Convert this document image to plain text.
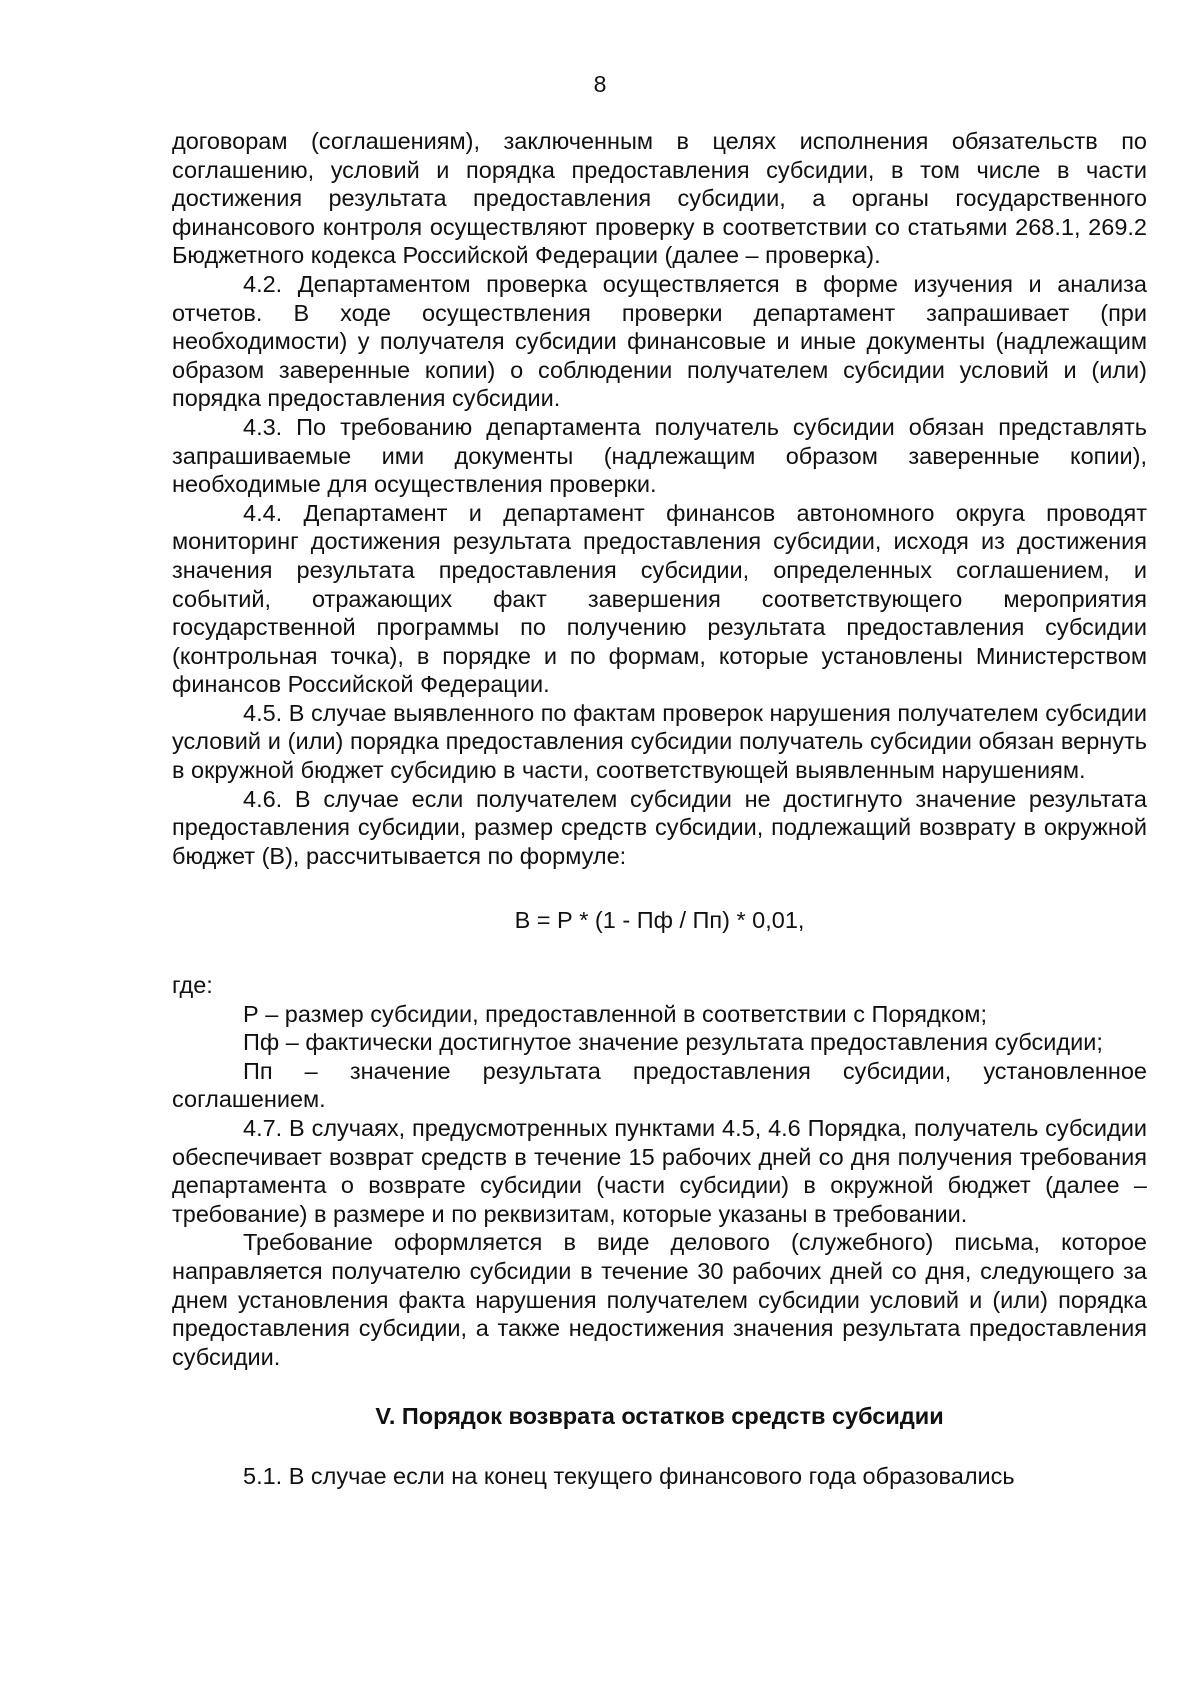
8

договорам (соглашениям), заключенным в целях исполнения обязательств по соглашению, условий и порядка предоставления субсидии, в том числе в части достижения результата предоставления субсидии, а органы государственного финансового контроля осуществляют проверку в соответствии со статьями 268.1, 269.2 Бюджетного кодекса Российской Федерации (далее – проверка).

4.2. Департаментом проверка осуществляется в форме изучения и анализа отчетов. В ходе осуществления проверки департамент запрашивает (при необходимости) у получателя субсидии финансовые и иные документы (надлежащим образом заверенные копии) о соблюдении получателем субсидии условий и (или) порядка предоставления субсидии.

4.3. По требованию департамента получатель субсидии обязан представлять запрашиваемые ими документы (надлежащим образом заверенные копии), необходимые для осуществления проверки.

4.4. Департамент и департамент финансов автономного округа проводят мониторинг достижения результата предоставления субсидии, исходя из достижения значения результата предоставления субсидии, определенных соглашением, и событий, отражающих факт завершения соответствующего мероприятия государственной программы по получению результата предоставления субсидии (контрольная точка), в порядке и по формам, которые установлены Министерством финансов Российской Федерации.

4.5. В случае выявленного по фактам проверок нарушения получателем субсидии условий и (или) порядка предоставления субсидии получатель субсидии обязан вернуть в окружной бюджет субсидию в части, соответствующей выявленным нарушениям.

4.6. В случае если получателем субсидии не достигнуто значение результата предоставления субсидии, размер средств субсидии, подлежащий возврату в окружной бюджет (В), рассчитывается по формуле:

В = Р * (1 - Пф / Пп) * 0,01,

где:

Р – размер субсидии, предоставленной в соответствии с Порядком;

Пф – фактически достигнутое значение результата предоставления субсидии;

Пп – значение результата предоставления субсидии, установленное соглашением.

4.7. В случаях, предусмотренных пунктами 4.5, 4.6 Порядка, получатель субсидии обеспечивает возврат средств в течение 15 рабочих дней со дня получения требования департамента о возврате субсидии (части субсидии) в окружной бюджет (далее – требование) в размере и по реквизитам, которые указаны в требовании.

Требование оформляется в виде делового (служебного) письма, которое направляется получателю субсидии в течение 30 рабочих дней со дня, следующего за днем установления факта нарушения получателем субсидии условий и (или) порядка предоставления субсидии, а также недостижения значения результата предоставления субсидии.

V. Порядок возврата остатков средств субсидии

5.1. В случае если на конец текущего финансового года образовались
